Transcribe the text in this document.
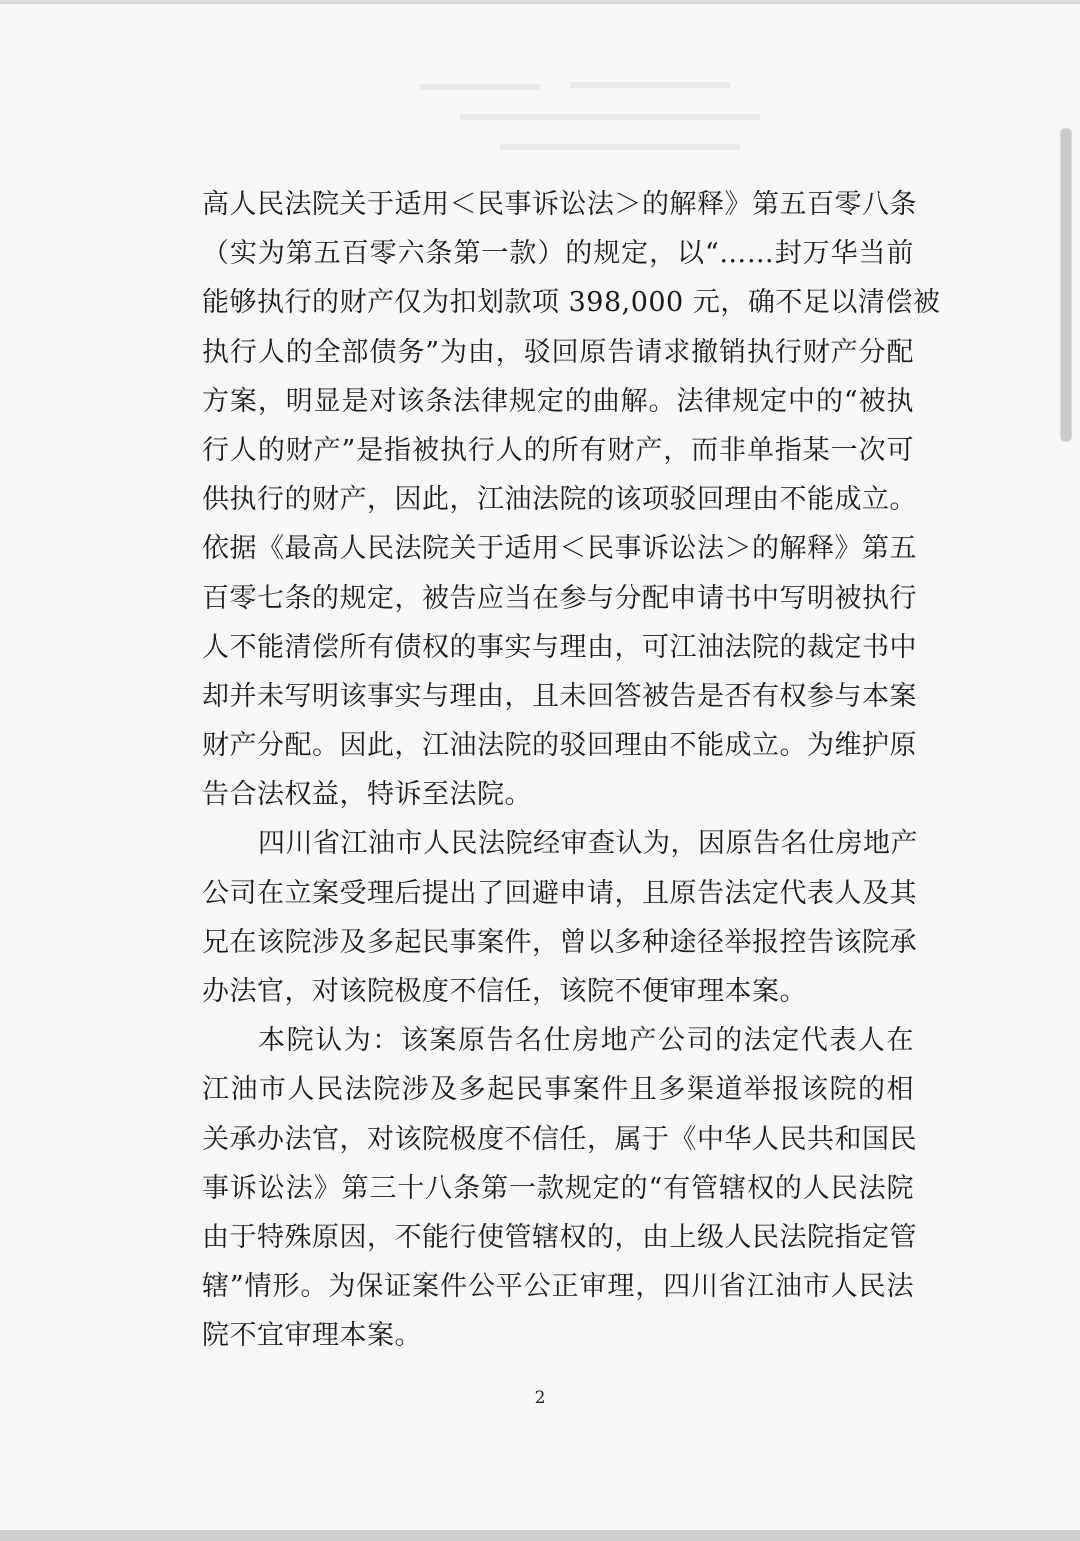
高人民法院关于适用＜民事诉讼法＞的解释》第五百零八条
（实为第五百零六条第一款）的规定，以“……封万华当前
能够执行的财产仅为扣划款项 398,000 元，确不足以清偿被
执行人的全部债务”为由，驳回原告请求撤销执行财产分配
方案，明显是对该条法律规定的曲解。法律规定中的“被执
行人的财产”是指被执行人的所有财产，而非单指某一次可
供执行的财产，因此，江油法院的该项驳回理由不能成立。
依据《最高人民法院关于适用＜民事诉讼法＞的解释》第五
百零七条的规定，被告应当在参与分配申请书中写明被执行
人不能清偿所有债权的事实与理由，可江油法院的裁定书中
却并未写明该事实与理由，且未回答被告是否有权参与本案
财产分配。因此，江油法院的驳回理由不能成立。为维护原
告合法权益，特诉至法院。
四川省江油市人民法院经审查认为，因原告名仕房地产
公司在立案受理后提出了回避申请，且原告法定代表人及其
兄在该院涉及多起民事案件，曾以多种途径举报控告该院承
办法官，对该院极度不信任，该院不便审理本案。
本院认为：该案原告名仕房地产公司的法定代表人在
江油市人民法院涉及多起民事案件且多渠道举报该院的相
关承办法官，对该院极度不信任，属于《中华人民共和国民
事诉讼法》第三十八条第一款规定的“有管辖权的人民法院
由于特殊原因，不能行使管辖权的，由上级人民法院指定管
辖”情形。为保证案件公平公正审理，四川省江油市人民法
院不宜审理本案。
2
